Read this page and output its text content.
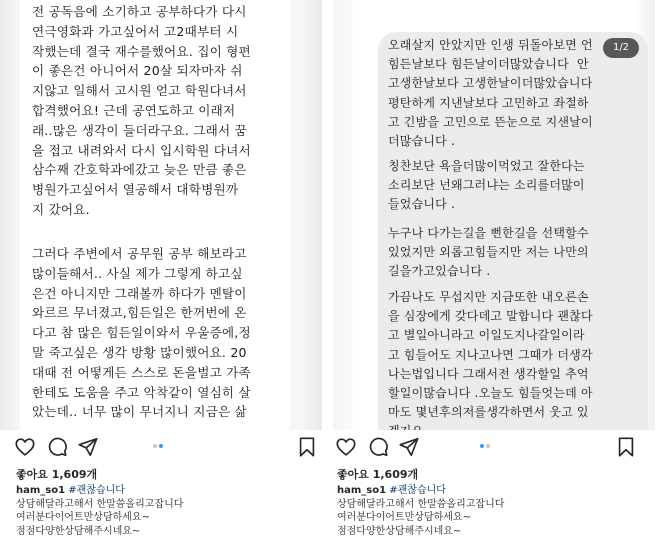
전 공독음에 소기하고 공부하다가 다시
연극영화과 가고싶어서 고2때부터 시
작했는데 결국 재수를했어요. 집이 형편
이 좋은건 아니어서 20살 되자마자 쉬
지않고 일해서 고시원 얻고 학원다녀서
합격했어요! 근데 공연도하고 이래저
래..많은 생각이 들더라구요. 그래서 꿈
을 접고 내려와서 다시 입시학원 다녀서
삼수째 간호학과에갔고 늦은 만큼 좋은
병원가고싶어서 열공해서 대학병원까
지 갔어요.
그러다 주변에서 공무원 공부 해보라고
많이들해서.. 사실 제가 그렇게 하고싶
은건 아니지만 그래볼까 하다가 멘탈이
와르르 무너졌고,힘든일은 한꺼번에 온
다고 참 많은 힘든일이와서 우울증에,정
말 죽고싶은 생각 방황 많이했어요. 20
대때 전 어떻게든 스스로 돈을벌고 가족
한테도 도움을 주고 악착같이 열심히 살
았는데.. 너무 많이 무너지니 지금은 삶
좋아요 1,609개
ham_so1 #괜찮습니다
상담해달라고해서 한말씀올리고잡니다
여러분다이어트만상담하세요~
점점다양한상담해주시네요~
오래살지 안았지만 인생 뒤돌아보면 언
힘든날보다 힘든날이더많았습니다  안
고생한날보다 고생한날이더많았습니다
평탄하게 지낸날보다 고민하고 좌절하
고 긴밤을 고민으로 뜬눈으로 지샌날이
더많습니다 .
칭찬보단 욕을더많이먹었고 잘한다는
소리보단 넌왜그러냐는 소리를더많이
들었습니다 .
누구나 다가는길을 뻔한길을 선택할수
있었지만 외롭고힘들지만 저는 나만의
길을가고있습니다 .
가끔나도 무섭지만 지금또한 내오른손
을 심장에게 갖다데고 말합니다 괜찮다
고 별일아니라고 이일도지나갈일이라
고 힘들어도 지나고나면 그때가 더생각
나는법입니다 그래서전 생각할일 추억
할일이많습니다 .오늘도 힘들엇는데 아
마도 몇년후의저를생각하면서 웃고 있

1/2
좋아요 1,609개
ham_so1 #괜찮습니다
상담해달라고해서 한말씀올리고잡니다
여러분다이어트만상담하세요~
점점다양한상담해주시네요~
